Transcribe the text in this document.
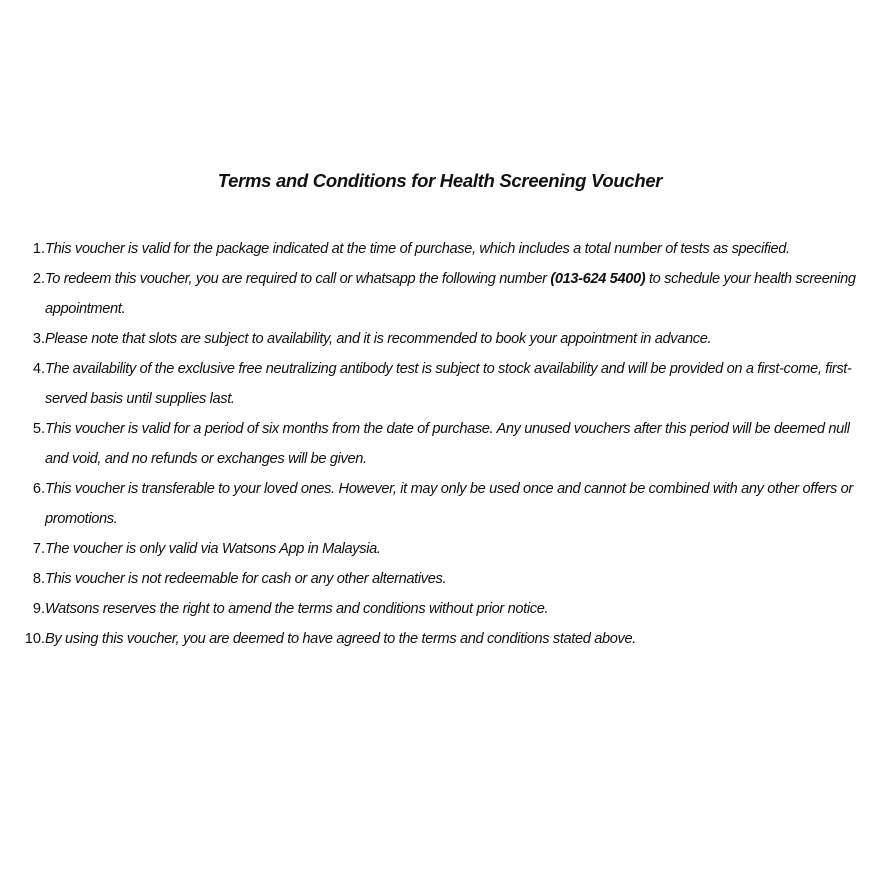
Terms and Conditions for Health Screening Voucher
1. This voucher is valid for the package indicated at the time of purchase, which includes a total number of tests as specified.
2. To redeem this voucher, you are required to call or whatsapp the following number (013-624 5400) to schedule your health screening appointment.
3. Please note that slots are subject to availability, and it is recommended to book your appointment in advance.
4. The availability of the exclusive free neutralizing antibody test is subject to stock availability and will be provided on a first-come, first-served basis until supplies last.
5. This voucher is valid for a period of six months from the date of purchase. Any unused vouchers after this period will be deemed null and void, and no refunds or exchanges will be given.
6. This voucher is transferable to your loved ones. However, it may only be used once and cannot be combined with any other offers or promotions.
7. The voucher is only valid via Watsons App in Malaysia.
8. This voucher is not redeemable for cash or any other alternatives.
9. Watsons reserves the right to amend the terms and conditions without prior notice.
10. By using this voucher, you are deemed to have agreed to the terms and conditions stated above.
